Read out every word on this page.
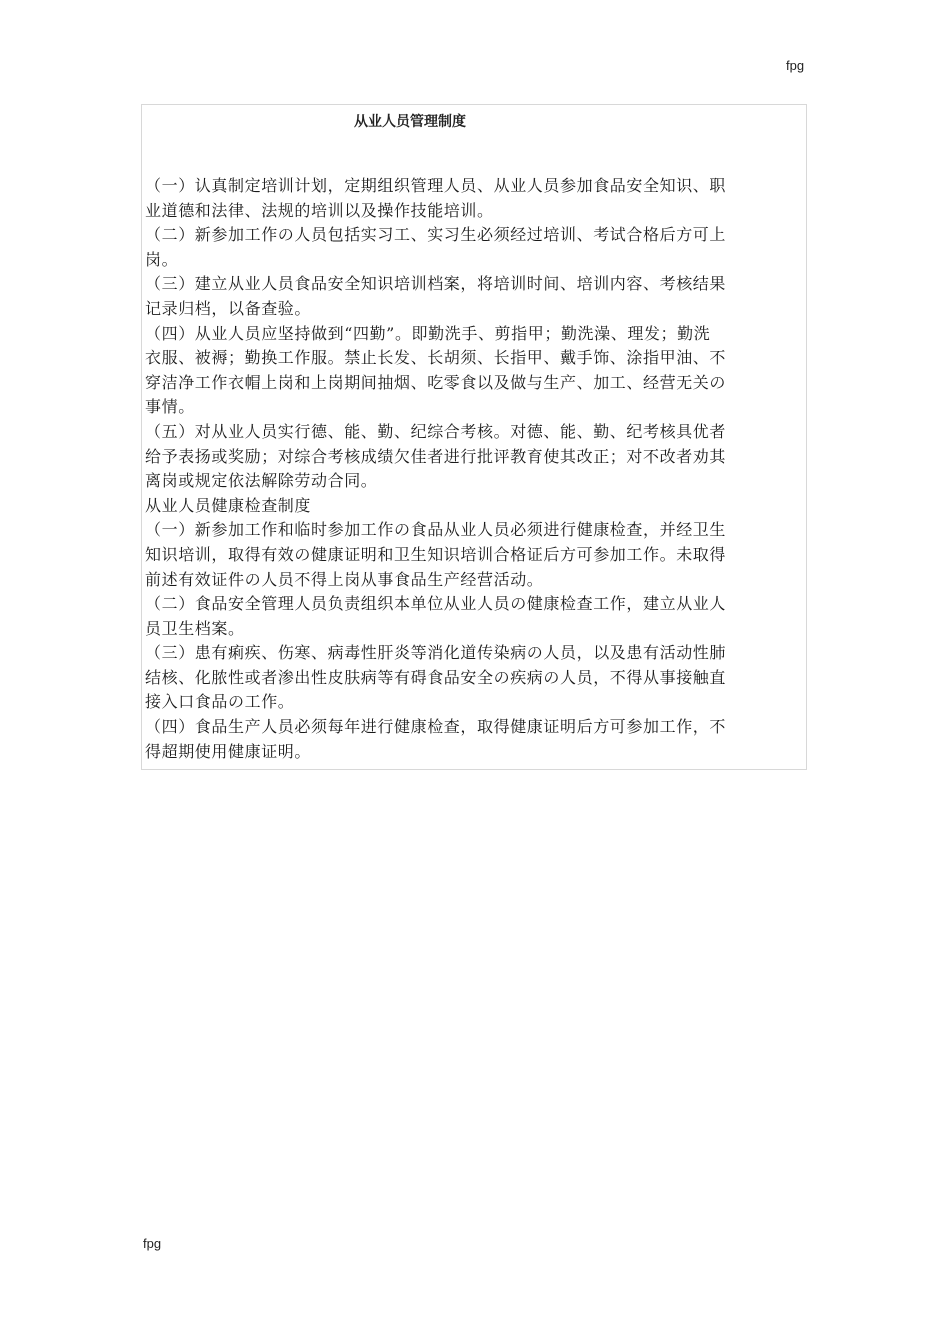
fpg
从业人员管理制度

（一）认真制定培训计划，定期组织管理人员、从业人员参加食品安全知识、职
业道德和法律、法规的培训以及操作技能培训。

（二）新参加工作の人员包括实习工、实习生必须经过培训、考试合格后方可上
岗。

（三）建立从业人员食品安全知识培训档案，将培训时间、培训内容、考核结果
记录归档，以备查验。

（四）从业人员应坚持做到“四勤”。即勤洗手、剪指甲；勤洗澡、理发；勤洗
衣服、被褥；勤换工作服。禁止长发、长胡须、长指甲、戴手饰、涂指甲油、不
穿洁净工作衣帽上岗和上岗期间抽烟、吃零食以及做与生产、加工、经营无关の
事情。

（五）对从业人员实行德、能、勤、纪综合考核。对德、能、勤、纪考核具优者
给予表扬或奖励；对综合考核成绩欠佳者进行批评教育使其改正；对不改者劝其
离岗或规定依法解除劳动合同。

从业人员健康检查制度

（一）新参加工作和临时参加工作の食品从业人员必须进行健康检查，并经卫生
知识培训，取得有效の健康证明和卫生知识培训合格证后方可参加工作。未取得
前述有效证件の人员不得上岗从事食品生产经营活动。

（二）食品安全管理人员负责组织本单位从业人员の健康检查工作，建立从业人
员卫生档案。

（三）患有痢疾、伤寒、病毒性肝炎等消化道传染病の人员，以及患有活动性肺
结核、化脓性或者渗出性皮肤病等有碍食品安全の疾病の人员，不得从事接触直
接入口食品の工作。

（四）食品生产人员必须每年进行健康检查，取得健康证明后方可参加工作，不
得超期使用健康证明。

fpg
